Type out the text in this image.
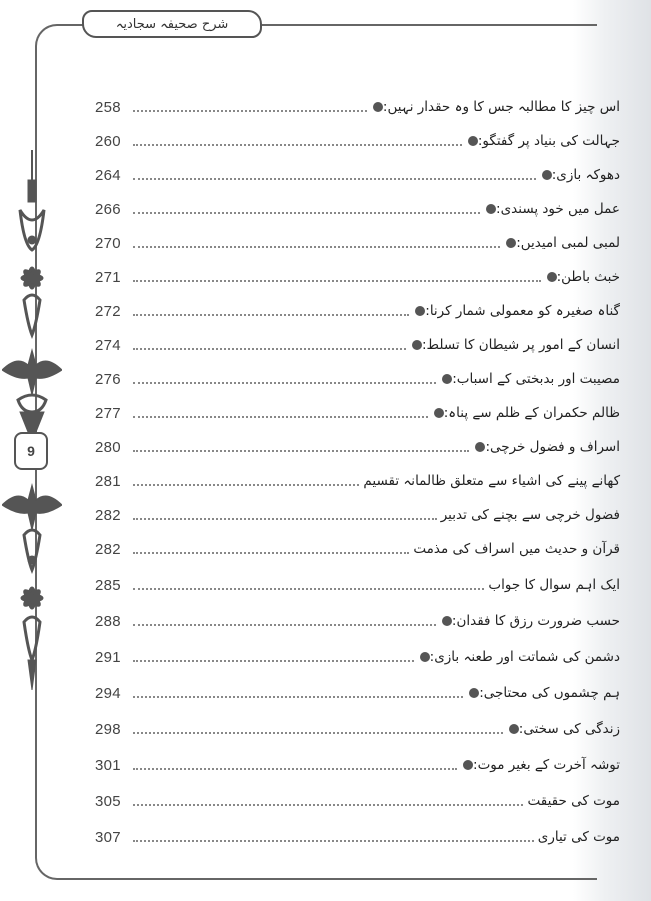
شرح صحیفہ سجادیہ
9
258	اس چیز کا مطالبہ جس کا وہ حقدار نہیں:
260	جہالت کی بنیاد پر گفتگو:
264	دھوکہ بازی:
266	عمل میں خود پسندی:
270	لمبی لمبی امیدیں:
271	خبث باطن:
272	گناہ صغیرہ کو معمولی شمار کرنا:
274	انسان کے امور پر شیطان کا تسلط:
276	مصیبت اور بدبختی کے اسباب:
277	ظالم حکمران کے ظلم سے پناہ:
280	اسراف و فضول خرچی:
281	کھانے پینے کی اشیاء سے متعلق ظالمانہ تقسیم
282	فضول خرچی سے بچنے کی تدبیر
282	قرآن و حدیث میں اسراف کی مذمت
285	ایک اہم سوال کا جواب
288	حسب ضرورت رزق کا فقدان:
291	دشمن کی شماتت اور طعنہ بازی:
294	ہم چشموں کی محتاجی:
298	زندگی کی سختی:
301	توشہ آخرت کے بغیر موت:
305	موت کی حقیقت
307	موت کی تیاری
